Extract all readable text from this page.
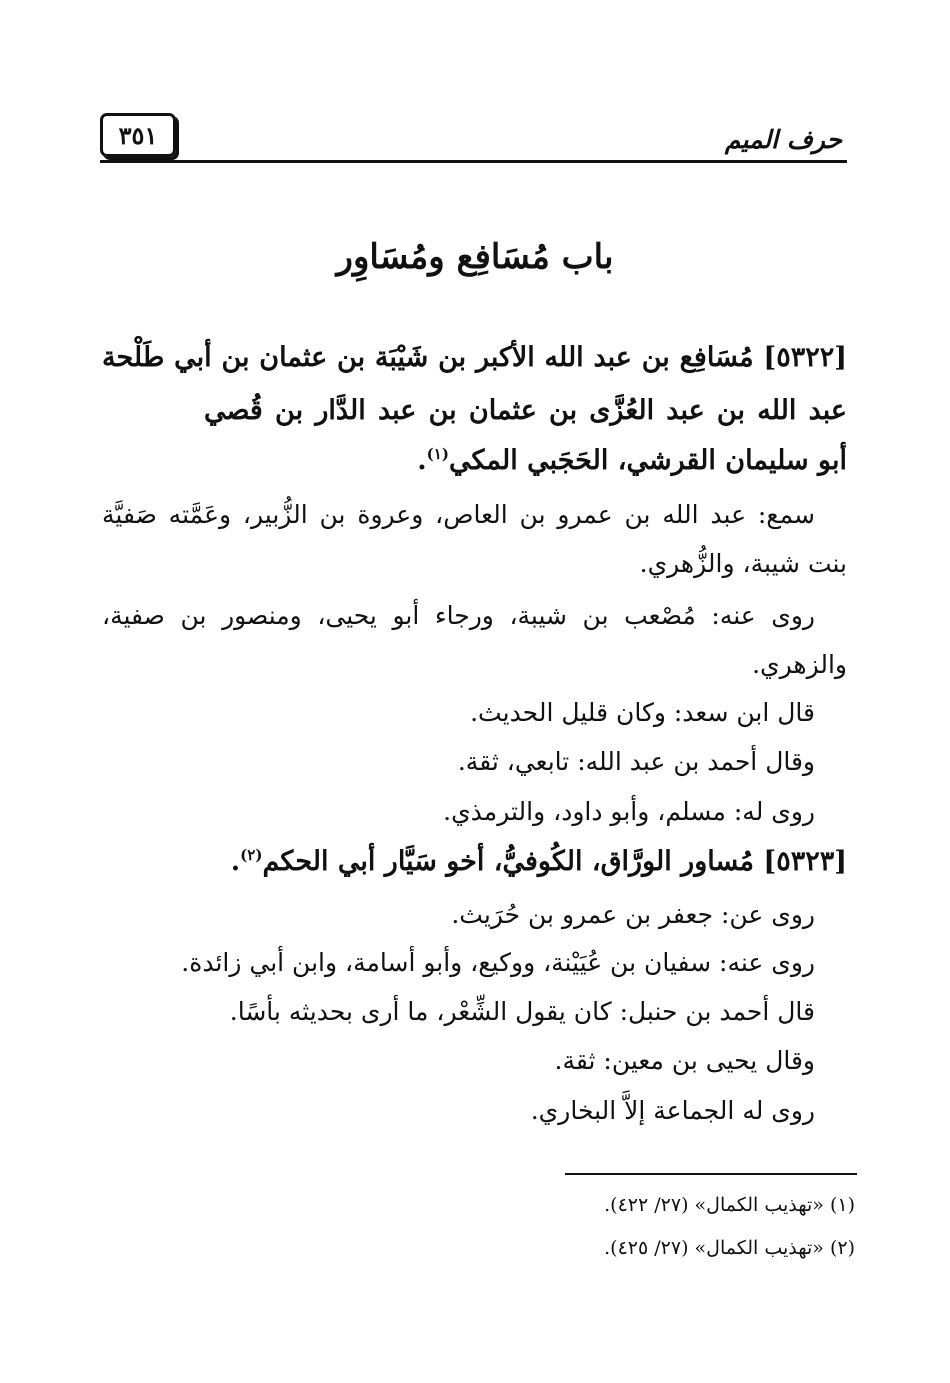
حرف الميم
٣٥١
باب مُسَافِع ومُسَاوِر
[٥٣٢٢] مُسَافِع بن عبد الله الأكبر بن شَيْبَة بن عثمان بن أبي طَلْحة
عبد الله بن عبد العُزَّى بن عثمان بن عبد الدَّار بن قُصي
أبو سليمان القرشي، الحَجَبي المكي$^{(١)}$.
سمع: عبد الله بن عمرو بن العاص، وعروة بن الزُّبير، وعَمَّته صَفيَّة
بنت شيبة، والزُّهري.
روى عنه: مُصْعب بن شيبة، ورجاء أبو يحيى، ومنصور بن صفية،
والزهري.
قال ابن سعد: وكان قليل الحديث.
وقال أحمد بن عبد الله: تابعي، ثقة.
روى له: مسلم، وأبو داود، والترمذي.
[٥٣٢٣] مُساور الورَّاق، الكُوفيُّ، أخو سَيَّار أبي الحكم$^{(٢)}$.
روى عن: جعفر بن عمرو بن حُرَيث.
روى عنه: سفيان بن عُيَيْنة، ووكيع، وأبو أسامة، وابن أبي زائدة.
قال أحمد بن حنبل: كان يقول الشِّعْر، ما أرى بحديثه بأسًا.
وقال يحيى بن معين: ثقة.
روى له الجماعة إلاَّ البخاري.
(١) «تهذيب الكمال» (٢٧/ ٤٢٢).
(٢) «تهذيب الكمال» (٢٧/ ٤٢٥).
